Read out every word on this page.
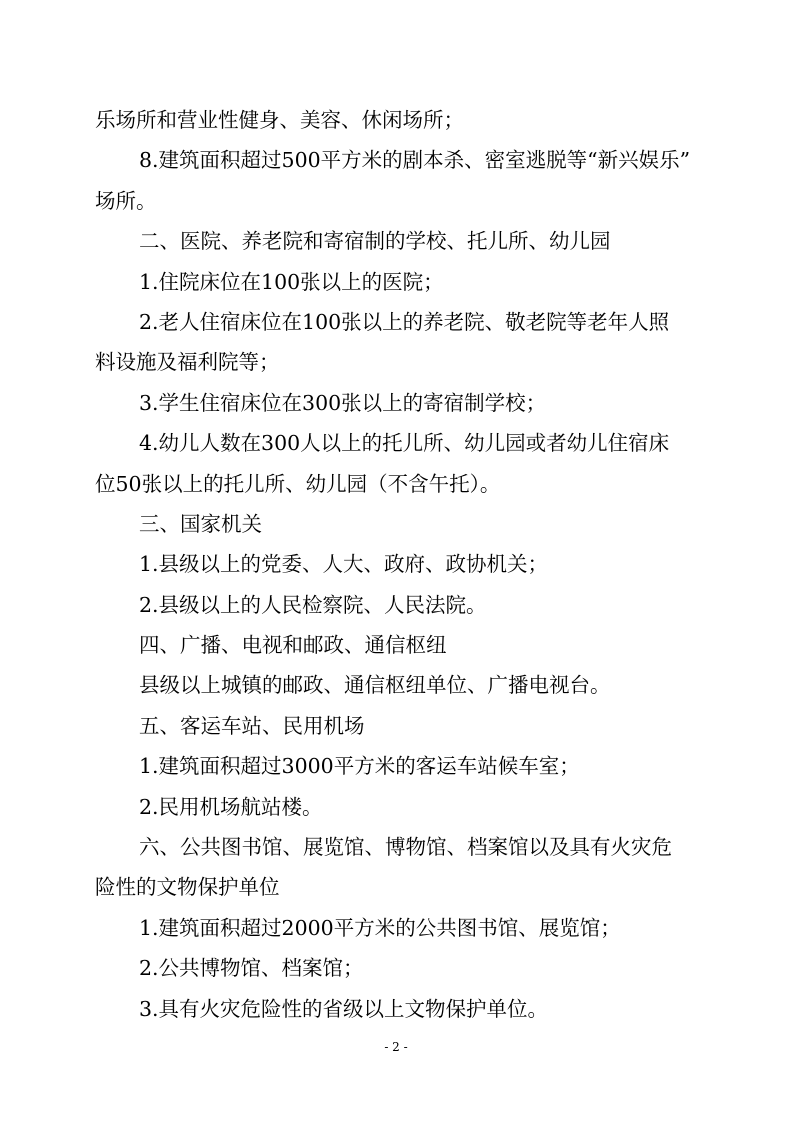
乐场所和营业性健身、美容、休闲场所；
8.建筑面积超过500平方米的剧本杀、密室逃脱等“新兴娱乐”
场所。
二、医院、养老院和寄宿制的学校、托儿所、幼儿园
1.住院床位在100张以上的医院；
2.老人住宿床位在100张以上的养老院、敬老院等老年人照
料设施及福利院等；
3.学生住宿床位在300张以上的寄宿制学校；
4.幼儿人数在300人以上的托儿所、幼儿园或者幼儿住宿床
位50张以上的托儿所、幼儿园（不含午托）。
三、国家机关
1.县级以上的党委、人大、政府、政协机关；
2.县级以上的人民检察院、人民法院。
四、广播、电视和邮政、通信枢纽
县级以上城镇的邮政、通信枢纽单位、广播电视台。
五、客运车站、民用机场
1.建筑面积超过3000平方米的客运车站候车室；
2.民用机场航站楼。
六、公共图书馆、展览馆、博物馆、档案馆以及具有火灾危
险性的文物保护单位
1.建筑面积超过2000平方米的公共图书馆、展览馆；
2.公共博物馆、档案馆；
3.具有火灾危险性的省级以上文物保护单位。
- 2 -
